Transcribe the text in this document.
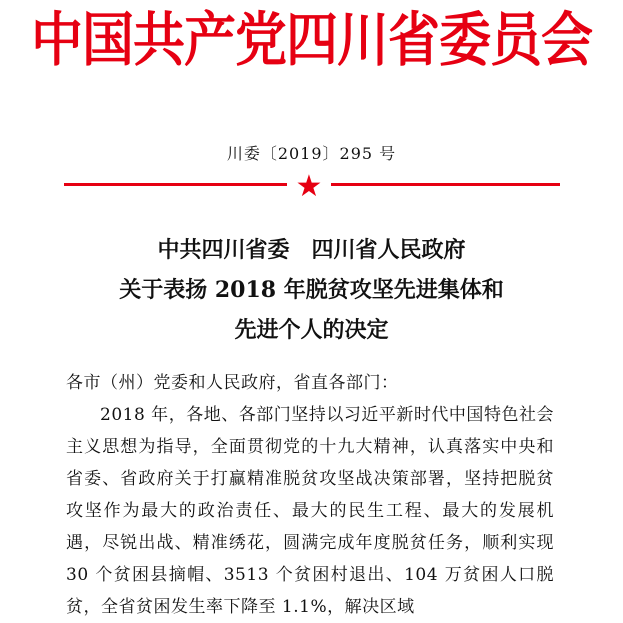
中国共产党四川省委员会
川委〔2019〕295 号
★
中共四川省委　四川省人民政府
关于表扬 2018 年脱贫攻坚先进集体和
先进个人的决定
各市（州）党委和人民政府，省直各部门：
2018 年，各地、各部门坚持以习近平新时代中国特色社会主义思想为指导，全面贯彻党的十九大精神，认真落实中央和省委、省政府关于打赢精准脱贫攻坚战决策部署，坚持把脱贫攻坚作为最大的政治责任、最大的民生工程、最大的发展机遇，尽锐出战、精准绣花，圆满完成年度脱贫任务，顺利实现 30 个贫困县摘帽、3513 个贫困村退出、104 万贫困人口脱贫，全省贫困发生率下降至 1.1%，解决区域
